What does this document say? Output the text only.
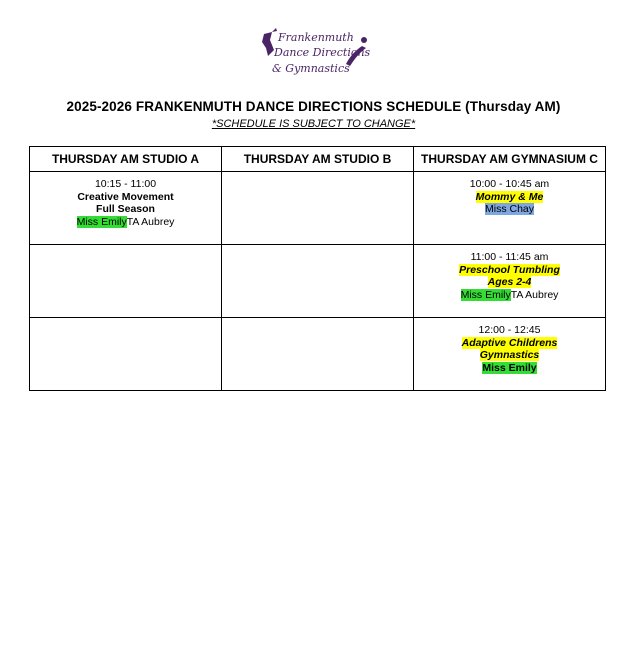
Frankenmuth
Dance Directions
& Gymnastics
2025-2026 FRANKENMUTH DANCE DIRECTIONS SCHEDULE (Thursday AM)
*SCHEDULE IS SUBJECT TO CHANGE*
THURSDAY AM STUDIO A	THURSDAY AM STUDIO B	THURSDAY AM GYMNASIUM C

10:15 - 11:00
Creative Movement
Full Season
Miss EmilyTA Aubrey		10:00 - 10:45 am
Mommy & Me
Miss Chay

		11:00 - 11:45 am
Preschool Tumbling
Ages 2-4
Miss EmilyTA Aubrey

		12:00 - 12:45
Adaptive Childrens
Gymnastics
Miss Emily
